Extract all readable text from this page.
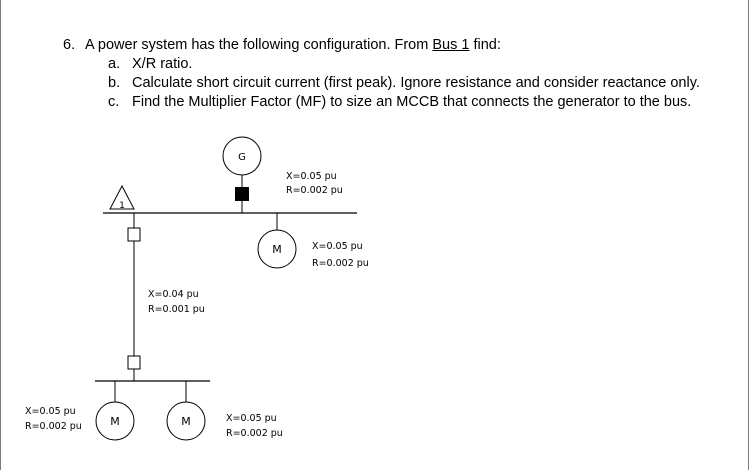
6. A power system has the following configuration. From Bus 1 find:
a. X/R ratio.
b. Calculate short circuit current (first peak). Ignore resistance and consider reactance only.
c. Find the Multiplier Factor (MF) to size an MCCB that connects the generator to the bus.
1
G
X=0.05 pu
R=0.002 pu
M	X=0.05 pu
R=0.002 pu
X=0.04 pu
R=0.001 pu
M
X=0.05 pu
R=0.002 pu	M	X=0.05 pu
R=0.002 pu
